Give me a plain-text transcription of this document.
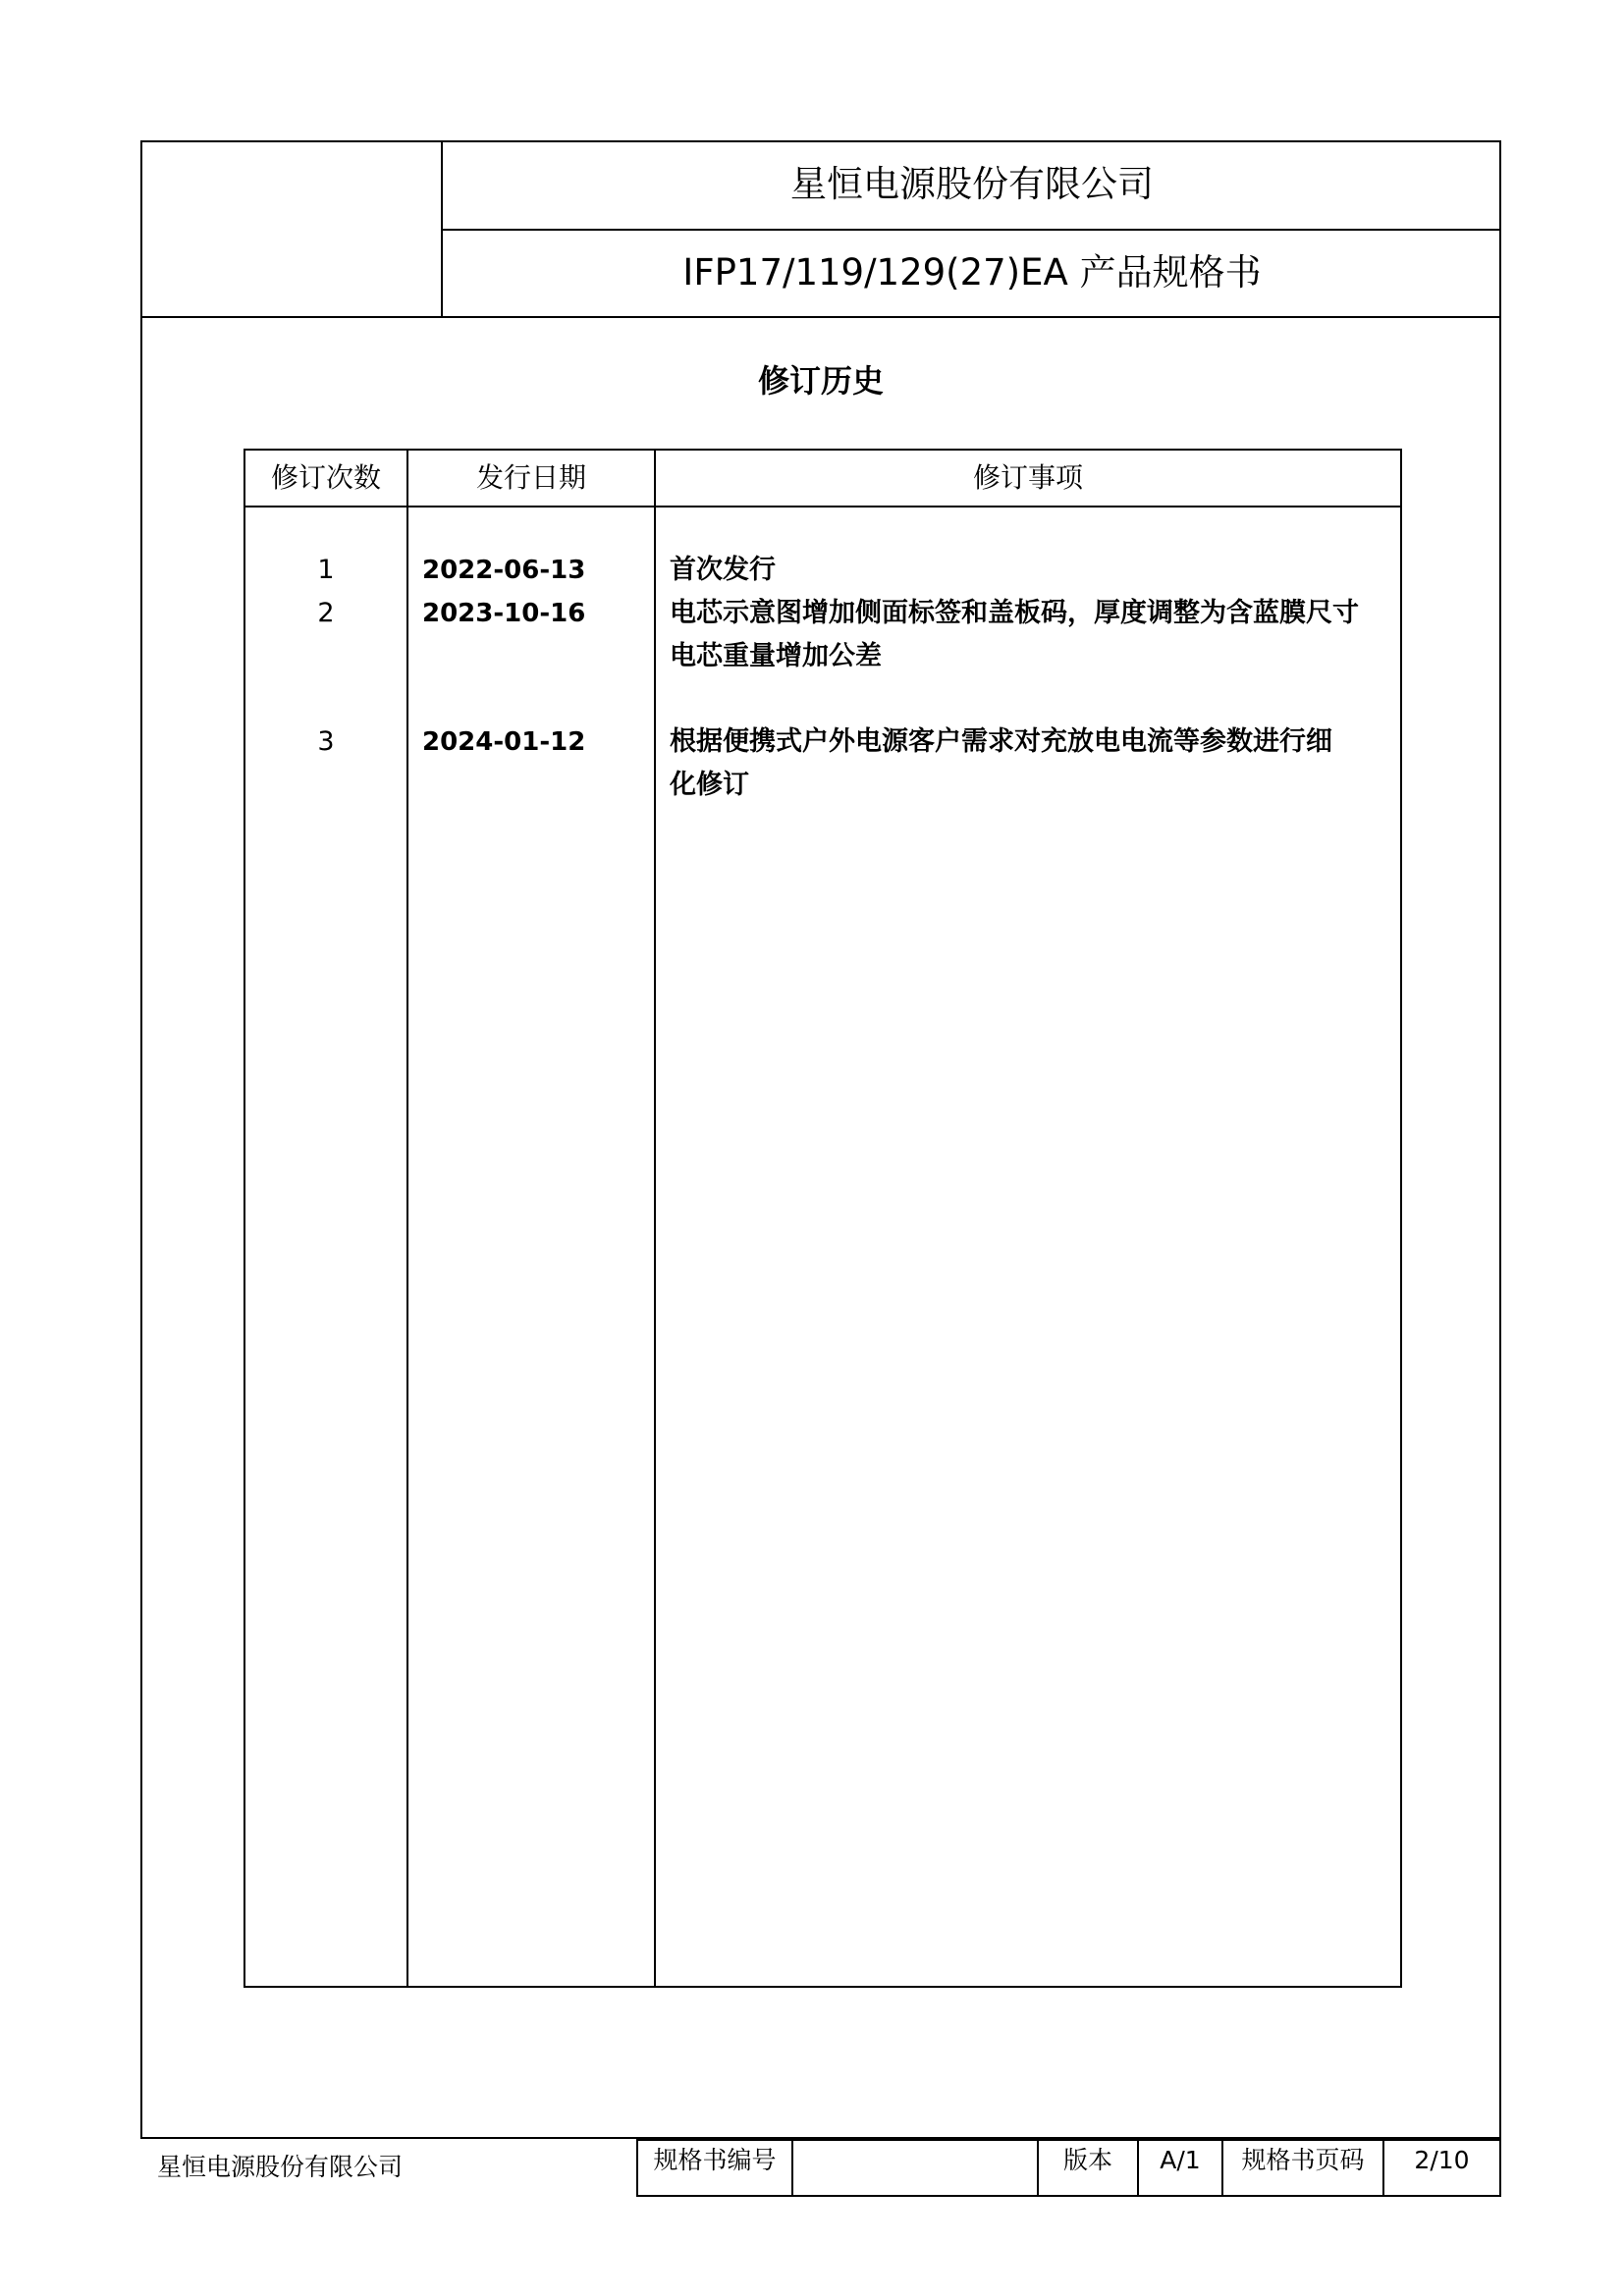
星恒电源股份有限公司
IFP17/119/129(27)EA 产品规格书
修订历史
修订次数	发行日期	修订事项
1	2022-06-13	首次发行
2	2023-10-16	电芯示意图增加侧面标签和盖板码，厚度调整为含蓝膜尺寸
电芯重量增加公差
3	2024-01-12	根据便携式户外电源客户需求对充放电电流等参数进行细
化修订
星恒电源股份有限公司	规格书编号	版本	A/1	规格书页码	2/10
